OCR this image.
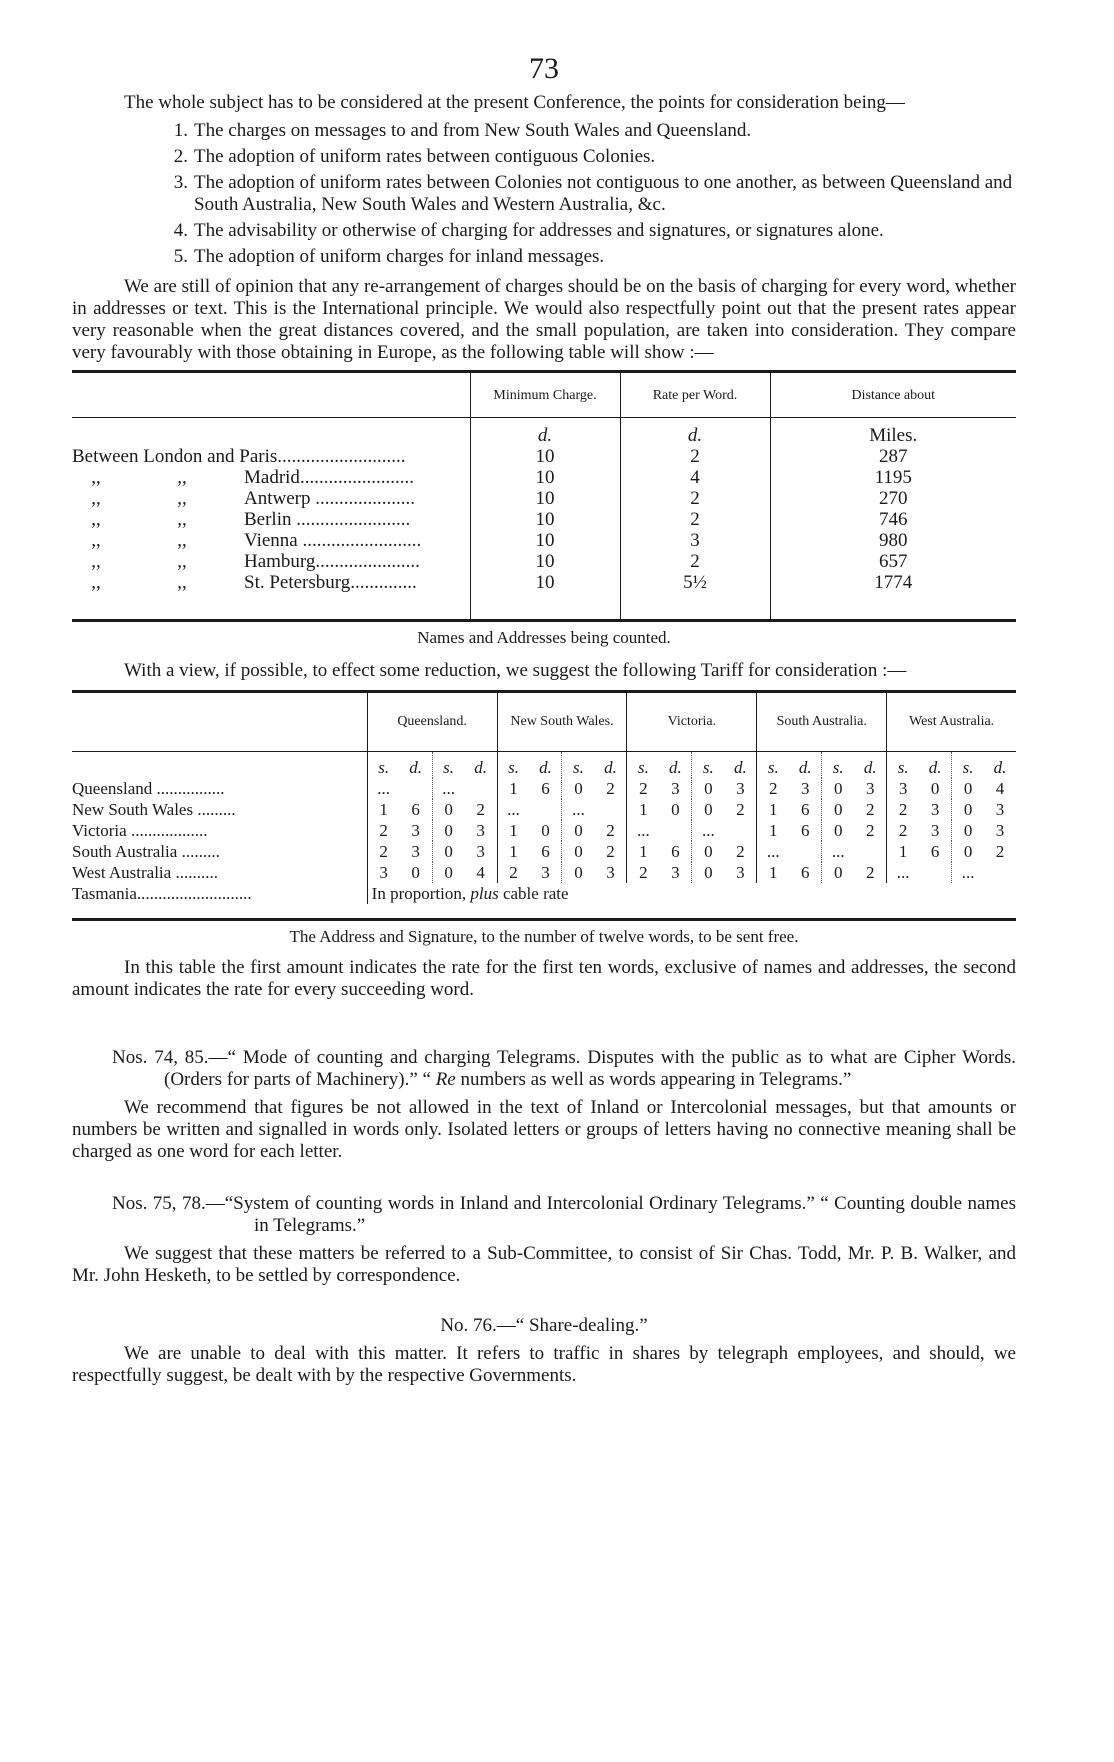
73

The whole subject has to be considered at the present Conference, the points for consideration being—

1. The charges on messages to and from New South Wales and Queensland.
2. The adoption of uniform rates between contiguous Colonies.
3. The adoption of uniform rates between Colonies not contiguous to one another, as between Queensland and South Australia, New South Wales and Western Australia, &c.
4. The advisability or otherwise of charging for addresses and signatures, or signatures alone.
5. The adoption of uniform charges for inland messages.

We are still of opinion that any re-arrangement of charges should be on the basis of charging for every word, whether in addresses or text. This is the International principle. We would also respectfully point out that the present rates appear very reasonable when the great distances covered, and the small population, are taken into consideration. They compare very favourably with those obtaining in Europe, as the following table will show :—

	Minimum Charge.	Rate per Word.	Distance about

	d.	d.	Miles.
Between London and Paris...........................	10	2	287
,, ,, Madrid........................	10	4	1195
,, ,, Antwerp .....................	10	2	270
,, ,, Berlin ........................	10	2	746
,, ,, Vienna .........................	10	3	980
,, ,, Hamburg......................	10	2	657
,, ,, St. Petersburg..............	10	5½	1774
Names and Addresses being counted.

With a view, if possible, to effect some reduction, we suggest the following Tariff for consideration :—

	Queensland.				New South Wales.				Victoria.				South Australia.				West Australia.			

	s.	d.	s.	d.	s.	d.	s.	d.	s.	d.	s.	d.	s.	d.	s.	d.	s.	d.	s.	d.
Queensland ................	...		...		1	6	0	2	2	3	0	3	2	3	0	3	3	0	0	4
New South Wales .........	1	6	0	2	...		...		1	0	0	2	1	6	0	2	2	3	0	3
Victoria ..................	2	3	0	3	1	0	0	2	...		...		1	6	0	2	2	3	0	3
South Australia .........	2	3	0	3	1	6	0	2	1	6	0	2	...		...		1	6	0	2
West Australia ..........	3	0	0	4	2	3	0	3	2	3	0	3	1	6	0	2	...		...	
Tasmania...........................	In proportion, plus cable rate																			
The Address and Signature, to the number of twelve words, to be sent free.

In this table the first amount indicates the rate for the first ten words, exclusive of names and addresses, the second amount indicates the rate for every succeeding word.

Nos. 74, 85.—“ Mode of counting and charging Telegrams. Disputes with the public as to what are Cipher Words. (Orders for parts of Machinery).” “ Re numbers as well as words appearing in Telegrams.”

We recommend that figures be not allowed in the text of Inland or Intercolonial messages, but that amounts or numbers be written and signalled in words only. Isolated letters or groups of letters having no connective meaning shall be charged as one word for each letter.

Nos. 75, 78.—“System of counting words in Inland and Intercolonial Ordinary Telegrams.” “ Counting double names in Telegrams.”

We suggest that these matters be referred to a Sub-Committee, to consist of Sir Chas. Todd, Mr. P. B. Walker, and Mr. John Hesketh, to be settled by correspondence.

No. 76.—“ Share-dealing.”

We are unable to deal with this matter. It refers to traffic in shares by telegraph employees, and should, we respectfully suggest, be dealt with by the respective Governments.
